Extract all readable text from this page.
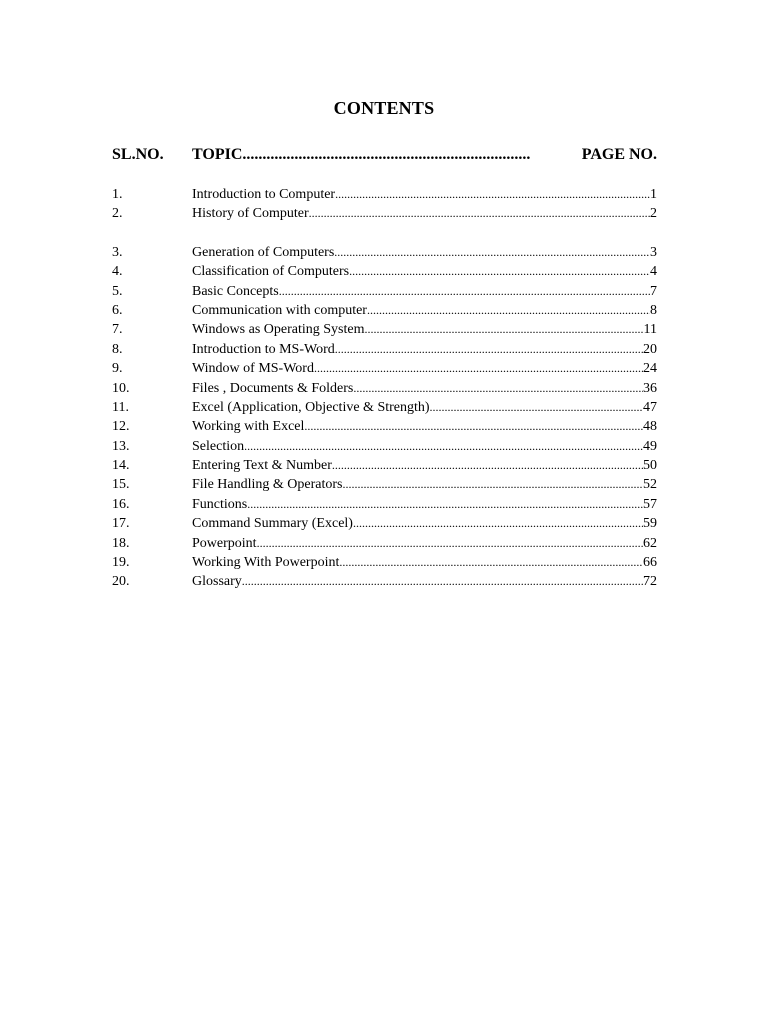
CONTENTS
SL.NO. TOPIC ........................................................................	PAGE NO.
1.	Introduction to Computer .....	1
2.	History of Computer .....	2
3.	Generation of Computers .....	3
4.	Classification of Computers .....	4
5.	Basic Concepts .....	7
6.	Communication with computer .....	8
7.	Windows as Operating System .....	11
8.	Introduction to MS-Word .....	20
9.	Window of MS-Word .....	24
10.	Files , Documents & Folders .....	36
11.	Excel (Application, Objective & Strength) .....	47
12.	Working with Excel .....	48
13.	Selection .....	49
14.	Entering Text & Number .....	50
15.	File Handling & Operators .....	52
16.	Functions .....	57
17.	Command Summary (Excel) .....	59
18.	Powerpoint .....	62
19.	Working With Powerpoint .....	66
20.	Glossary .....	72
